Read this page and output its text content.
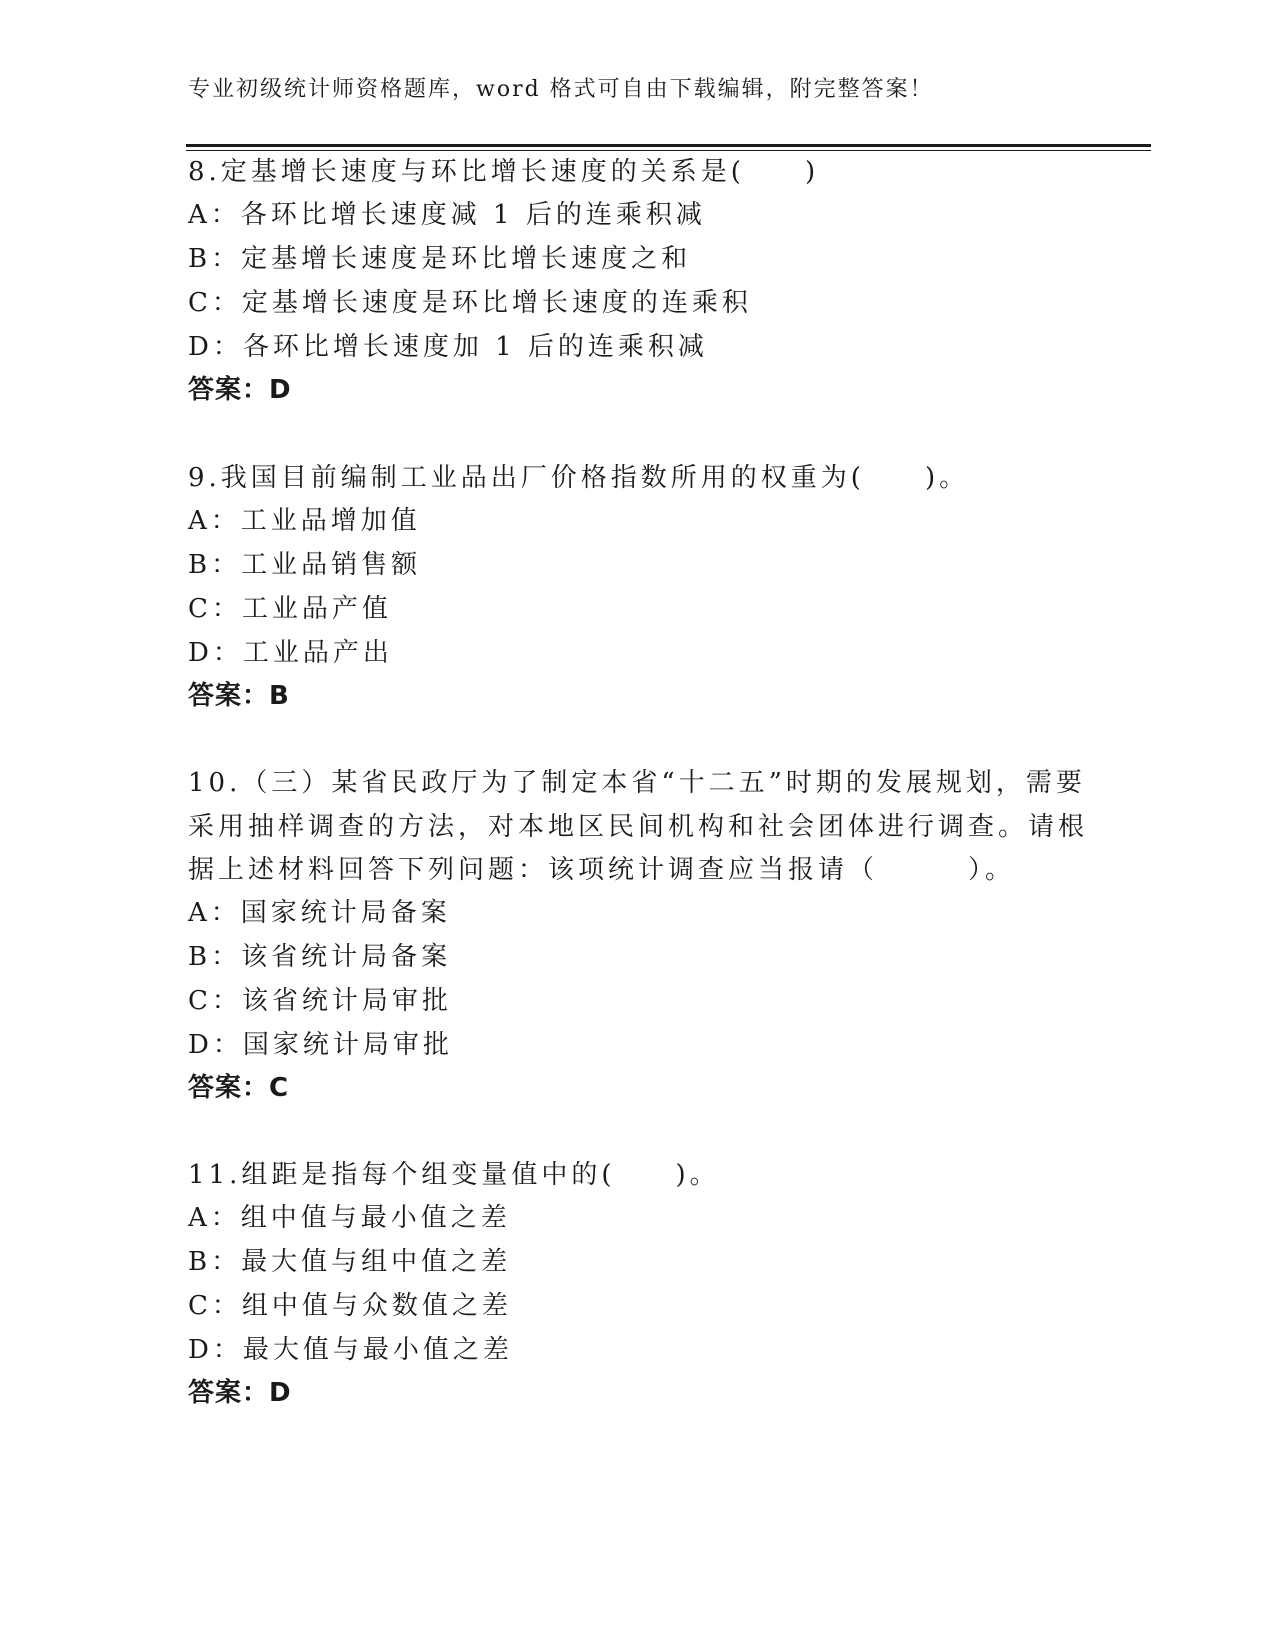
专业初级统计师资格题库，word 格式可自由下载编辑，附完整答案！
8.定基增长速度与环比增长速度的关系是(　　)
A：各环比增长速度减 1 后的连乘积减
B：定基增长速度是环比增长速度之和
C：定基增长速度是环比增长速度的连乘积
D：各环比增长速度加 1 后的连乘积减
答案：D
9.我国目前编制工业品出厂价格指数所用的权重为(　　)。
A：工业品增加值
B：工业品销售额
C：工业品产值
D：工业品产出
答案：B
10.（三）某省民政厅为了制定本省“十二五”时期的发展规划，需要
采用抽样调查的方法，对本地区民间机构和社会团体进行调查。请根
据上述材料回答下列问题：该项统计调查应当报请（　　　）。
A：国家统计局备案
B：该省统计局备案
C：该省统计局审批
D：国家统计局审批
答案：C
11.组距是指每个组变量值中的(　　)。
A：组中值与最小值之差
B：最大值与组中值之差
C：组中值与众数值之差
D：最大值与最小值之差
答案：D
